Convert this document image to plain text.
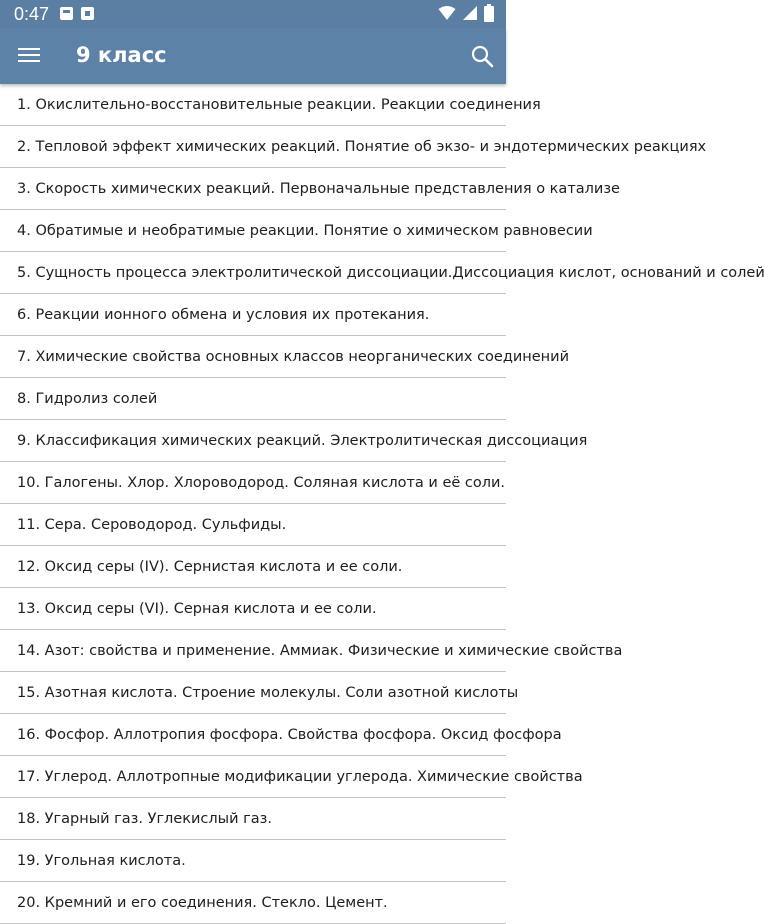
0:47
9 класс
1. Окислительно-восстановительные реакции. Реакции соединения
2. Тепловой эффект химических реакций. Понятие об экзо- и эндотермических реакциях
3. Скорость химических реакций. Первоначальные представления о катализе
4. Обратимые и необратимые реакции. Понятие о химическом равновесии
5. Сущность процесса электролитической диссоциации.Диссоциация кислот, оснований и солей
6. Реакции ионного обмена и условия их протекания.
7. Химические свойства основных классов неорганических соединений
8. Гидролиз солей
9. Классификация химических реакций. Электролитическая диссоциация
10. Галогены. Хлор. Хлороводород. Соляная кислота и её соли.
11. Сера. Сероводород. Сульфиды.
12. Оксид серы (IV). Сернистая кислота и ее соли.
13. Оксид серы (VI). Серная кислота и ее соли.
14. Азот: свойства и применение. Аммиак. Физические и химические свойства
15. Азотная кислота. Строение молекулы. Соли азотной кислоты
16. Фосфор. Аллотропия фосфора. Свойства фосфора. Оксид фосфора
17. Углерод. Аллотропные модификации углерода. Химические свойства
18. Угарный газ. Углекислый газ.
19. Угольная кислота.
20. Кремний и его соединения. Стекло. Цемент.
